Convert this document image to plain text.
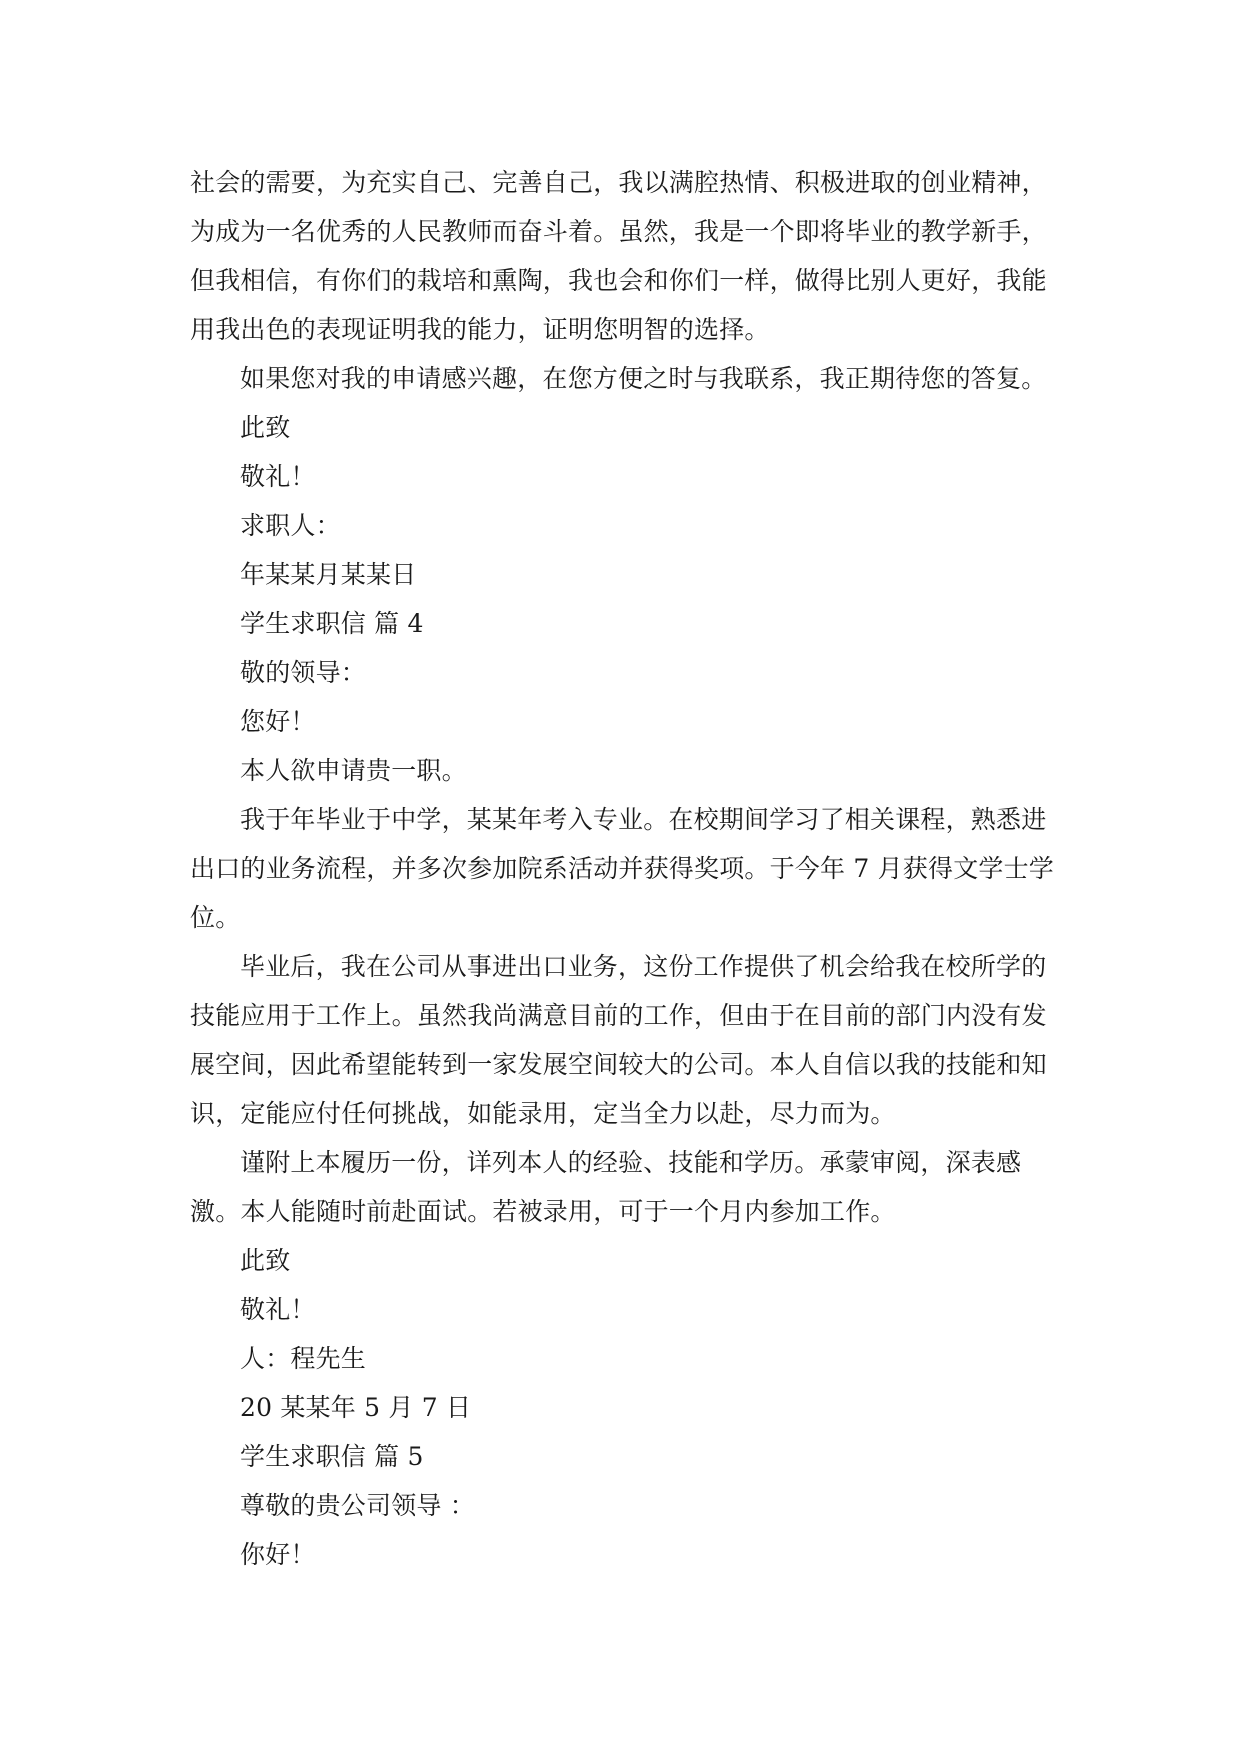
社会的需要，为充实自己、完善自己，我以满腔热情、积极进取的创业精神，
为成为一名优秀的人民教师而奋斗着。虽然，我是一个即将毕业的教学新手，
但我相信，有你们的栽培和熏陶，我也会和你们一样，做得比别人更好，我能
用我出色的表现证明我的能力，证明您明智的选择。

如果您对我的申请感兴趣，在您方便之时与我联系，我正期待您的答复。

此致

敬礼！

求职人：

年某某月某某日

学生求职信 篇 4

敬的领导：

您好！

本人欲申请贵一职。

我于年毕业于中学，某某年考入专业。在校期间学习了相关课程，熟悉进
出口的业务流程，并多次参加院系活动并获得奖项。于今年 7 月获得文学士学
位。

毕业后，我在公司从事进出口业务，这份工作提供了机会给我在校所学的
技能应用于工作上。虽然我尚满意目前的工作，但由于在目前的部门内没有发
展空间，因此希望能转到一家发展空间较大的公司。本人自信以我的技能和知
识，定能应付任何挑战，如能录用，定当全力以赴，尽力而为。

谨附上本履历一份，详列本人的经验、技能和学历。承蒙审阅，深表感
激。本人能随时前赴面试。若被录用，可于一个月内参加工作。

此致

敬礼！

人：程先生

20 某某年 5 月 7 日

学生求职信 篇 5

尊敬的贵公司领导 ：

你好！
